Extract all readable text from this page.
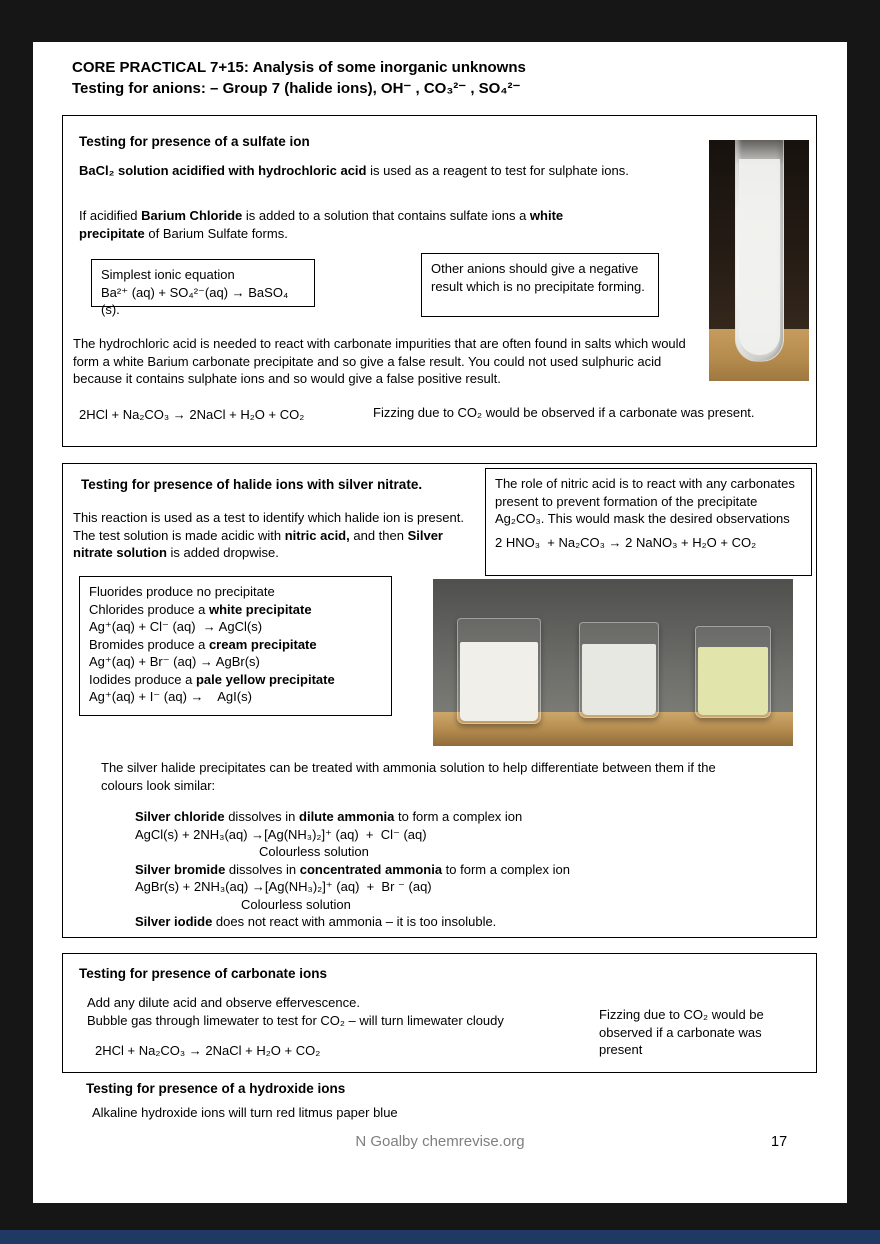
CORE PRACTICAL 7+15: Analysis of some inorganic unknowns
Testing for anions: – Group 7 (halide ions), OH⁻ , CO₃²⁻ , SO₄²⁻
Testing for presence of a sulfate ion
BaCl₂ solution acidified with hydrochloric acid is used as a reagent to test for sulphate ions.
If acidified Barium Chloride is added to a solution that contains sulfate ions a white precipitate of Barium Sulfate forms.
Simplest ionic equation
Ba²⁺ (aq) + SO₄²⁻(aq) → BaSO₄ (s).
Other anions should give a negative result which is no precipitate forming.
The hydrochloric acid is needed to react with carbonate impurities that are often found in salts which would form a white Barium carbonate precipitate and so give a false result. You could not used sulphuric acid because it contains sulphate ions and so would give a false positive result.
2HCl + Na₂CO₃ → 2NaCl + H₂O + CO₂	Fizzing due to CO₂ would be observed if a carbonate was present.
Testing for presence of halide ions with silver nitrate.	The role of nitric acid is to react with any carbonates present to prevent formation of the precipitate Ag₂CO₃. This would mask the desired observations
2 HNO₃  + Na₂CO₃ → 2 NaNO₃ + H₂O + CO₂
This reaction is used as a test to identify which halide ion is present. The test solution is made acidic with nitric acid, and then Silver nitrate solution is added dropwise.
Fluorides produce no precipitate
Chlorides produce a white precipitate
Ag⁺(aq) + Cl⁻ (aq)  → AgCl(s)
Bromides produce a cream precipitate
Ag⁺(aq) + Br⁻ (aq) → AgBr(s)
Iodides produce a pale yellow precipitate
Ag⁺(aq) + I⁻ (aq) →    AgI(s)
The silver halide precipitates can be treated with ammonia solution to help differentiate between them if the colours look similar:
Silver chloride dissolves in dilute ammonia to form a complex ion
AgCl(s) + 2NH₃(aq) →[Ag(NH₃)₂]⁺ (aq)  +  Cl⁻ (aq)
Colourless solution
Silver bromide dissolves in concentrated ammonia to form a complex ion
AgBr(s) + 2NH₃(aq) →[Ag(NH₃)₂]⁺ (aq)  +  Br ⁻ (aq)
Colourless solution
Silver iodide does not react with ammonia – it is too insoluble.
Testing for presence of carbonate ions
Add any dilute acid and observe effervescence.
Bubble gas through limewater to test for CO₂ – will turn limewater cloudy
2HCl + Na₂CO₃ → 2NaCl + H₂O + CO₂
Fizzing due to CO₂ would be observed if a carbonate was present
Testing for presence of a hydroxide ions
Alkaline hydroxide ions will turn red litmus paper blue
N Goalby chemrevise.org	17
